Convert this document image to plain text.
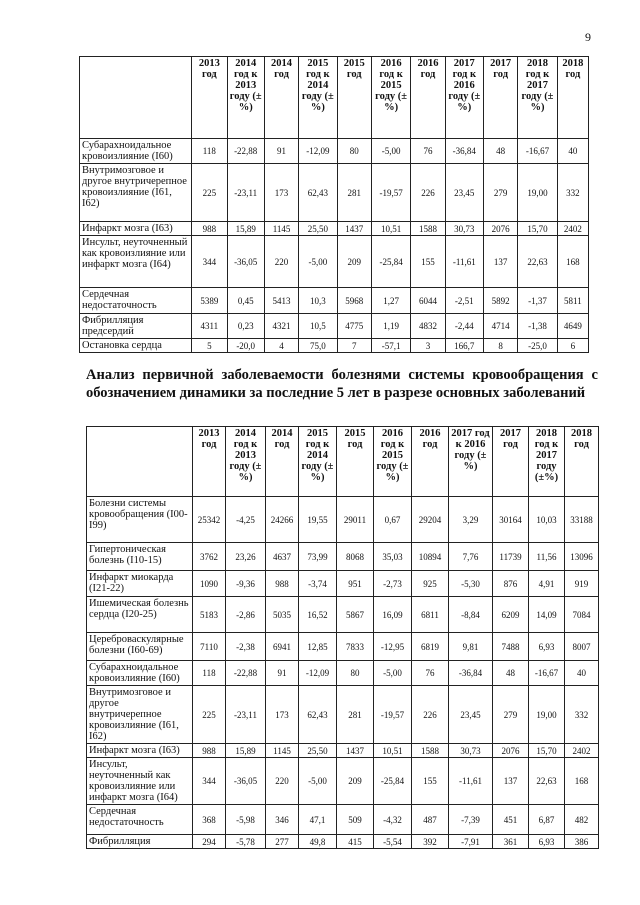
9
	2013 год	2014 год к 2013 году (±%)	2014 год	2015 год к 2014 году (±%)	2015 год	2016 год к 2015 году (±%)	2016 год	2017 год к 2016 году (±%)	2017 год	2018 год к 2017 году (±%)	2018 год
Субарахноидальное кровоизлияние (I60)	118	-22,88	91	-12,09	80	-5,00	76	-36,84	48	-16,67	40
Внутримозговое и другое внутричерепное кровоизлияние (I61, I62)	225	-23,11	173	62,43	281	-19,57	226	23,45	279	19,00	332
Инфаркт мозга (I63)	988	15,89	1145	25,50	1437	10,51	1588	30,73	2076	15,70	2402
Инсульт, неуточненный как кровоизлияние или инфаркт мозга (I64)	344	-36,05	220	-5,00	209	-25,84	155	-11,61	137	22,63	168
Сердечная недостаточность	5389	0,45	5413	10,3	5968	1,27	6044	-2,51	5892	-1,37	5811
Фибрилляция предсердий	4311	0,23	4321	10,5	4775	1,19	4832	-2,44	4714	-1,38	4649
Остановка сердца	5	-20,0	4	75,0	7	-57,1	3	166,7	8	-25,0	6
Анализ первичной заболеваемости болезнями системы кровообращения с обозначением динамики за последние 5 лет в разрезе основных заболеваний
	2013 год	2014 год к 2013 году (±%)	2014 год	2015 год к 2014 году (±%)	2015 год	2016 год к 2015 году (±%)	2016 год	2017 год к 2016 году (±%)	2017 год	2018 год к 2017 году (±%)	2018 год
Болезни системы кровообращения (I00-I99)	25342	-4,25	24266	19,55	29011	0,67	29204	3,29	30164	10,03	33188
Гипертоническая болезнь (I10-15)	3762	23,26	4637	73,99	8068	35,03	10894	7,76	11739	11,56	13096
Инфаркт миокарда (I21-22)	1090	-9,36	988	-3,74	951	-2,73	925	-5,30	876	4,91	919
Ишемическая болезнь сердца (I20-25)	5183	-2,86	5035	16,52	5867	16,09	6811	-8,84	6209	14,09	7084
Цереброваскулярные болезни (I60-69)	7110	-2,38	6941	12,85	7833	-12,95	6819	9,81	7488	6,93	8007
Субарахноидальное кровоизлияние (I60)	118	-22,88	91	-12,09	80	-5,00	76	-36,84	48	-16,67	40
Внутримозговое и другое внутричерепное кровоизлияние (I61, I62)	225	-23,11	173	62,43	281	-19,57	226	23,45	279	19,00	332
Инфаркт мозга (I63)	988	15,89	1145	25,50	1437	10,51	1588	30,73	2076	15,70	2402
Инсульт, неуточненный как кровоизлияние или инфаркт мозга (I64)	344	-36,05	220	-5,00	209	-25,84	155	-11,61	137	22,63	168
Сердечная недостаточность	368	-5,98	346	47,1	509	-4,32	487	-7,39	451	6,87	482
Фибрилляция	294	-5,78	277	49,8	415	-5,54	392	-7,91	361	6,93	386
